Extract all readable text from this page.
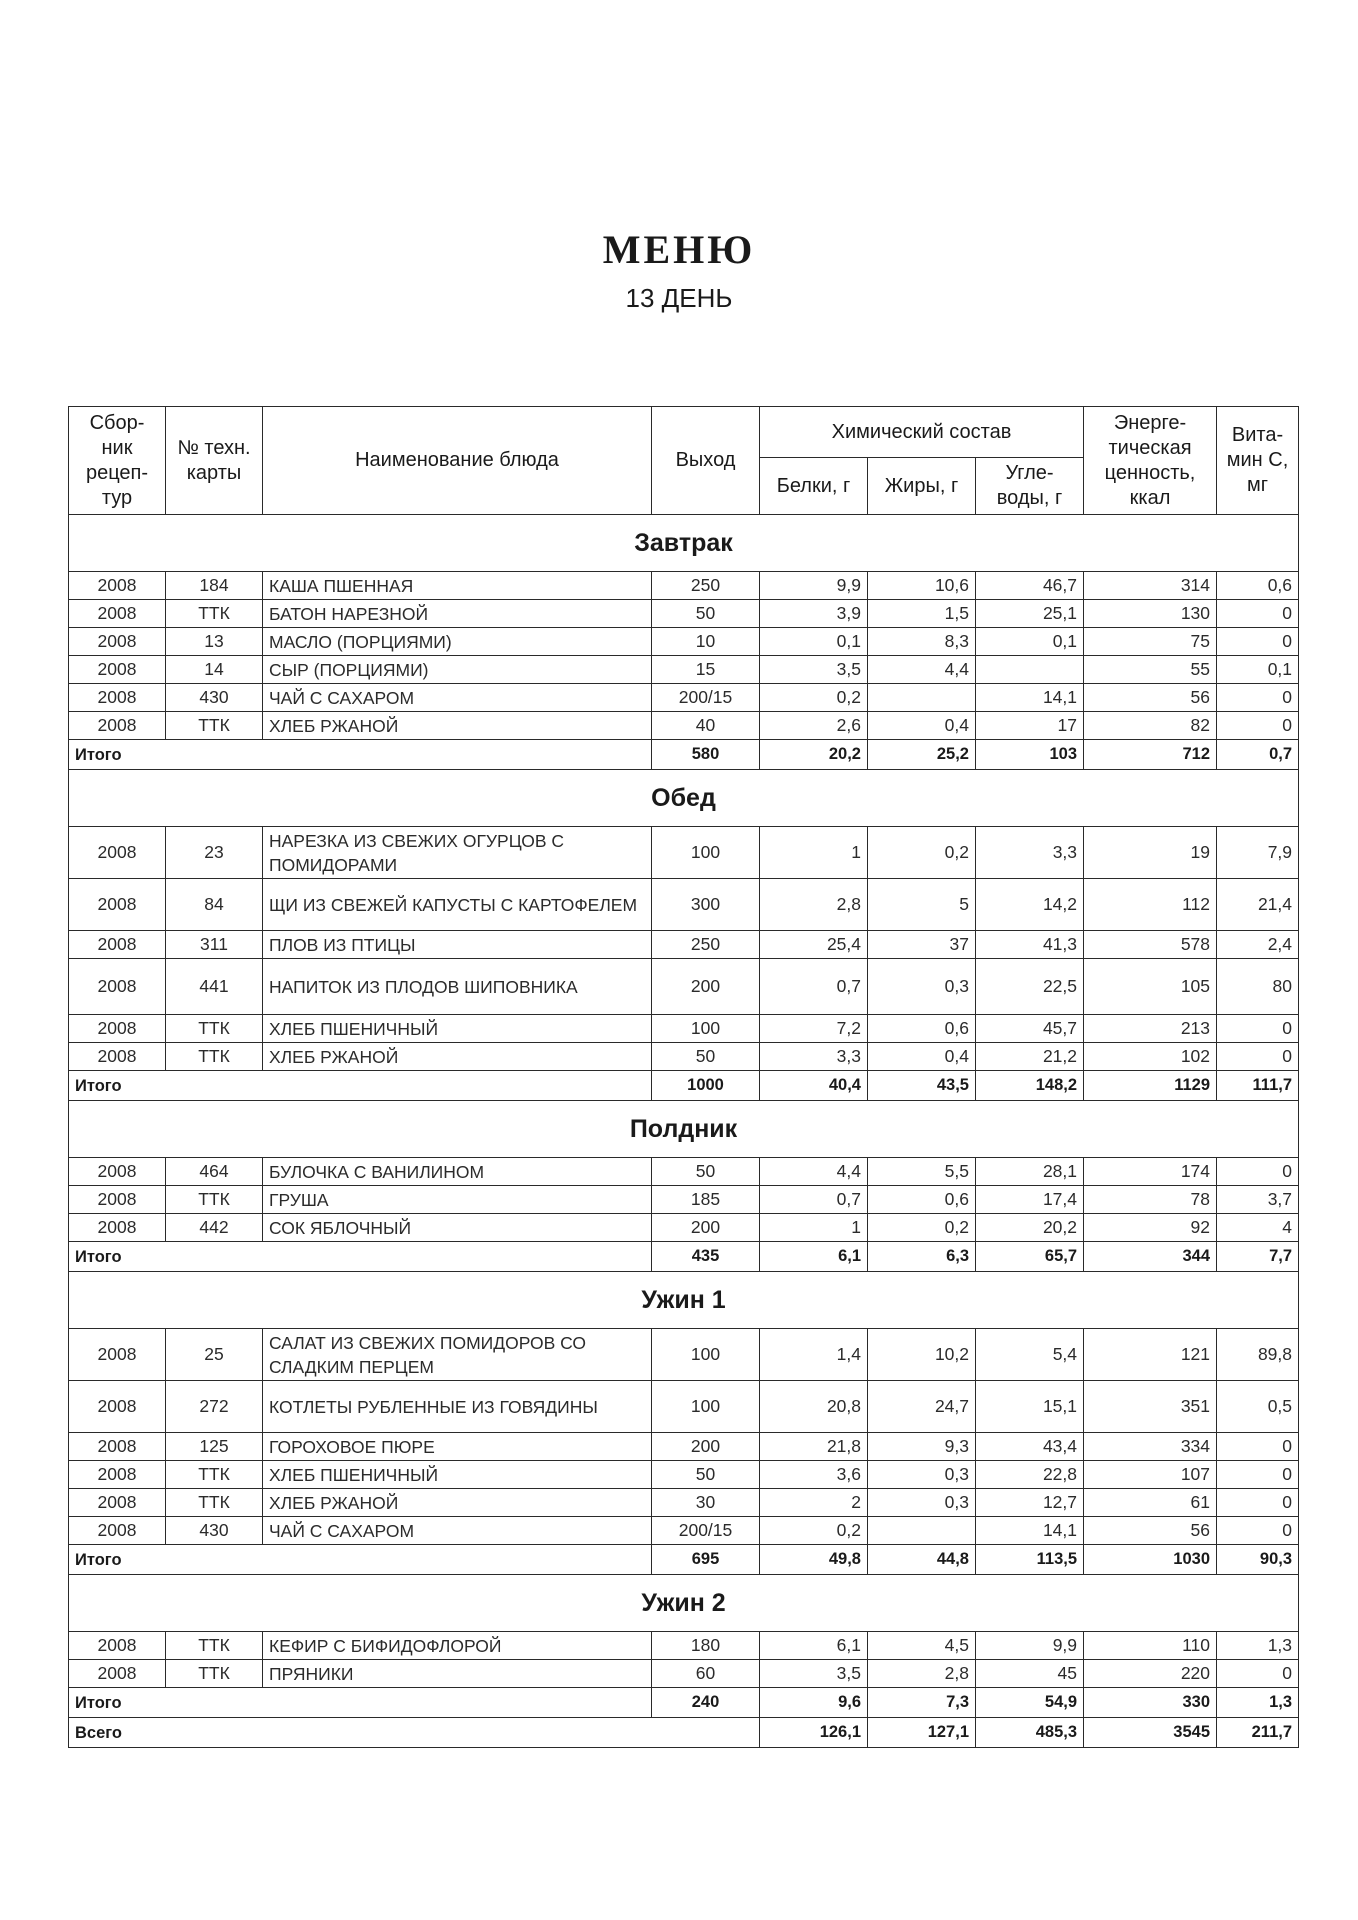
МЕНЮ
13 ДЕНЬ
Сбор-
ник
рецеп-
тур	№ техн.
карты	Наименование блюда	Выход	Химический состав			Энерге-
тическая
ценность,
ккал	Вита-
мин С,
мг
				Белки, г	Жиры, г	Угле-
воды, г		
Завтрак								
2008	184	КАША ПШЕННАЯ	250	9,9	10,6	46,7	314	0,6
2008	ТТК	БАТОН НАРЕЗНОЙ	50	3,9	1,5	25,1	130	0
2008	13	МАСЛО (ПОРЦИЯМИ)	10	0,1	8,3	0,1	75	0
2008	14	СЫР (ПОРЦИЯМИ)	15	3,5	4,4		55	0,1
2008	430	ЧАЙ С САХАРОМ	200/15	0,2		14,1	56	0
2008	ТТК	ХЛЕБ РЖАНОЙ	40	2,6	0,4	17	82	0
Итого			580	20,2	25,2	103	712	0,7
Обед								
2008	23	НАРЕЗКА ИЗ СВЕЖИХ ОГУРЦОВ С ПОМИДОРАМИ	100	1	0,2	3,3	19	7,9
2008	84	ЩИ ИЗ СВЕЖЕЙ КАПУСТЫ С КАРТОФЕЛЕМ	300	2,8	5	14,2	112	21,4
2008	311	ПЛОВ ИЗ ПТИЦЫ	250	25,4	37	41,3	578	2,4
2008	441	НАПИТОК ИЗ ПЛОДОВ ШИПОВНИКА	200	0,7	0,3	22,5	105	80
2008	ТТК	ХЛЕБ ПШЕНИЧНЫЙ	100	7,2	0,6	45,7	213	0
2008	ТТК	ХЛЕБ РЖАНОЙ	50	3,3	0,4	21,2	102	0
Итого			1000	40,4	43,5	148,2	1129	111,7
Полдник								
2008	464	БУЛОЧКА С ВАНИЛИНОМ	50	4,4	5,5	28,1	174	0
2008	ТТК	ГРУША	185	0,7	0,6	17,4	78	3,7
2008	442	СОК ЯБЛОЧНЫЙ	200	1	0,2	20,2	92	4
Итого			435	6,1	6,3	65,7	344	7,7
Ужин 1								
2008	25	САЛАТ ИЗ СВЕЖИХ ПОМИДОРОВ СО СЛАДКИМ ПЕРЦЕМ	100	1,4	10,2	5,4	121	89,8
2008	272	КОТЛЕТЫ РУБЛЕННЫЕ ИЗ ГОВЯДИНЫ	100	20,8	24,7	15,1	351	0,5
2008	125	ГОРОХОВОЕ ПЮРЕ	200	21,8	9,3	43,4	334	0
2008	ТТК	ХЛЕБ ПШЕНИЧНЫЙ	50	3,6	0,3	22,8	107	0
2008	ТТК	ХЛЕБ РЖАНОЙ	30	2	0,3	12,7	61	0
2008	430	ЧАЙ С САХАРОМ	200/15	0,2		14,1	56	0
Итого			695	49,8	44,8	113,5	1030	90,3
Ужин 2								
2008	ТТК	КЕФИР С БИФИДОФЛОРОЙ	180	6,1	4,5	9,9	110	1,3
2008	ТТК	ПРЯНИКИ	60	3,5	2,8	45	220	0
Итого			240	9,6	7,3	54,9	330	1,3
Всего				126,1	127,1	485,3	3545	211,7
